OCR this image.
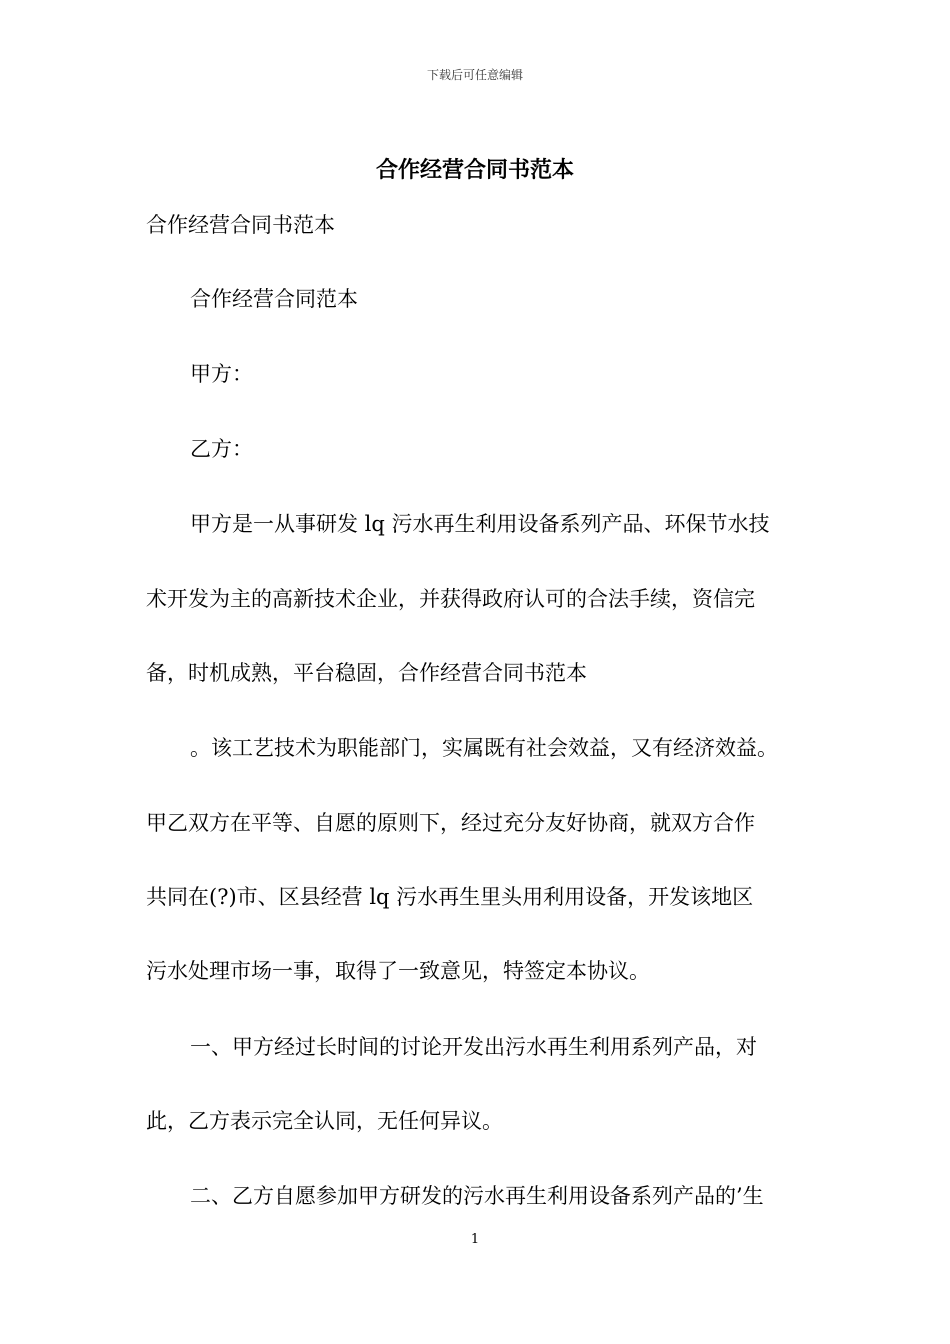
下载后可任意编辑
合作经营合同书范本

合作经营合同书范本

合作经营合同范本

甲方：

乙方：

甲方是一从事研发 lq 污水再生利用设备系列产品、环保节水技

术开发为主的高新技术企业，并获得政府认可的合法手续，资信完

备，时机成熟，平台稳固，合作经营合同书范本

。该工艺技术为职能部门，实属既有社会效益，又有经济效益。

甲乙双方在平等、自愿的原则下，经过充分友好协商，就双方合作

共同在(?)市、区县经营 lq 污水再生里头用利用设备，开发该地区

污水处理市场一事，取得了一致意见，特签定本协议。

一、甲方经过长时间的讨论开发出污水再生利用系列产品，对

此，乙方表示完全认同，无任何异议。

二、乙方自愿参加甲方研发的污水再生利用设备系列产品的’生

1
